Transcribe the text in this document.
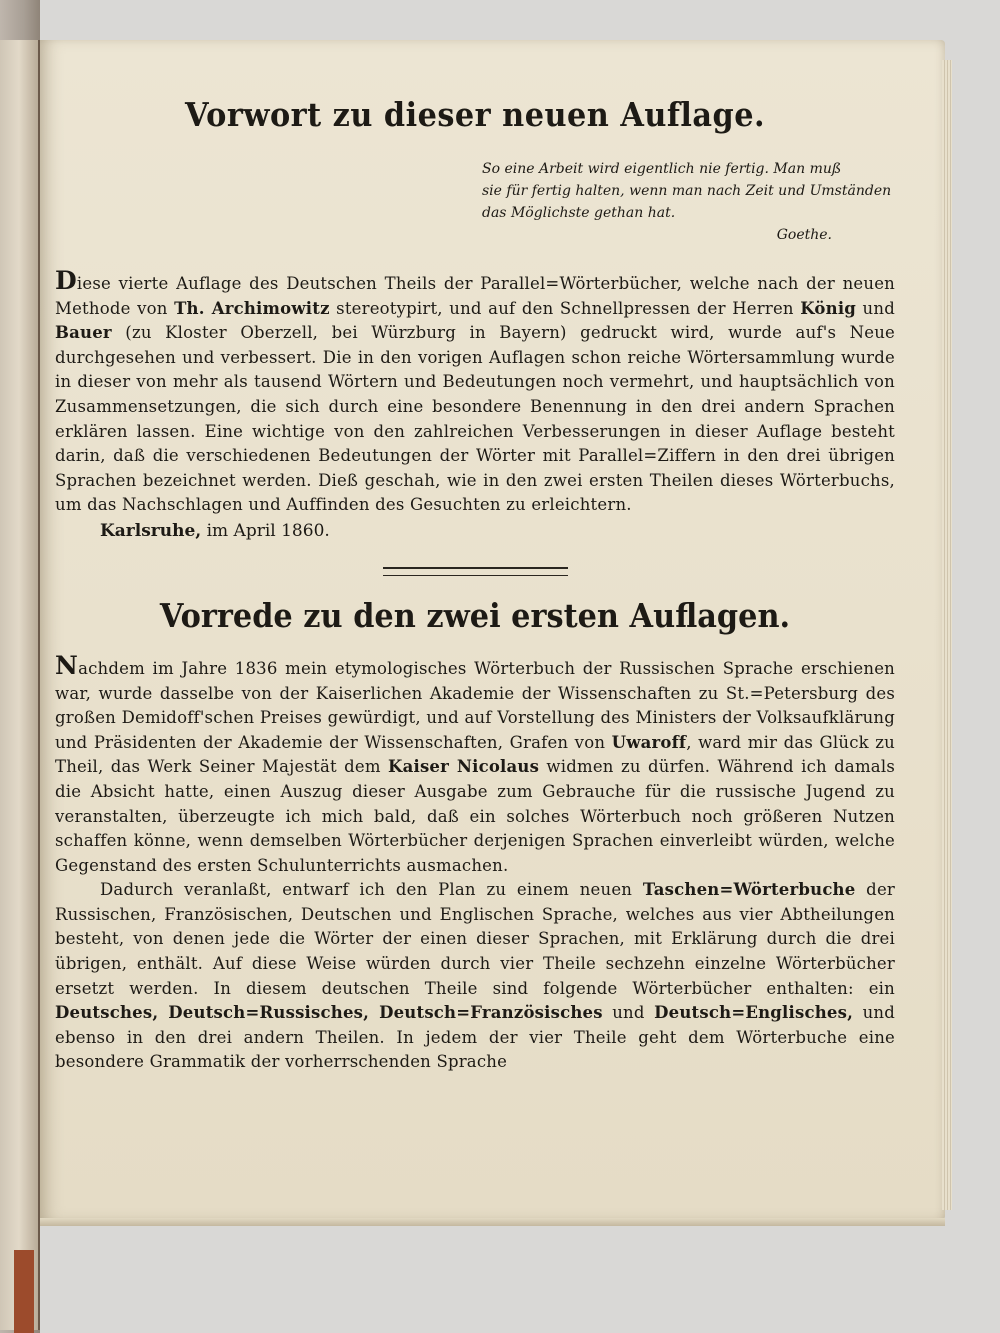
Vorwort zu dieser neuen Auflage.
So eine Arbeit wird eigentlich nie fertig. Man muß
sie für fertig halten, wenn man nach Zeit und Umständen
das Möglichste gethan hat.
Goethe.

Diese vierte Auflage des Deutschen Theils der Parallel=Wörterbücher, welche nach der neuen Methode von Th. Archimowitz stereotypirt, und auf den Schnellpressen der Herren König und Bauer (zu Kloster Oberzell, bei Würzburg in Bayern) gedruckt wird, wurde auf's Neue durchgesehen und verbessert. Die in den vorigen Auflagen schon reiche Wörtersammlung wurde in dieser von mehr als tausend Wörtern und Bedeutungen noch vermehrt, und hauptsächlich von Zusammensetzungen, die sich durch eine besondere Benennung in den drei andern Sprachen erklären lassen. Eine wichtige von den zahlreichen Verbesserungen in dieser Auflage besteht darin, daß die verschiedenen Bedeutungen der Wörter mit Parallel=Ziffern in den drei übrigen Sprachen bezeichnet werden. Dieß geschah, wie in den zwei ersten Theilen dieses Wörterbuchs, um das Nachschlagen und Auffinden des Gesuchten zu erleichtern.

Karlsruhe, im April 1860.
Vorrede zu den zwei ersten Auflagen.

Nachdem im Jahre 1836 mein etymologisches Wörterbuch der Russischen Sprache erschienen war, wurde dasselbe von der Kaiserlichen Akademie der Wissenschaften zu St.=Petersburg des großen Demidoff'schen Preises gewürdigt, und auf Vorstellung des Ministers der Volksaufklärung und Präsidenten der Akademie der Wissenschaften, Grafen von Uwaroff, ward mir das Glück zu Theil, das Werk Seiner Majestät dem Kaiser Nicolaus widmen zu dürfen. Während ich damals die Absicht hatte, einen Auszug dieser Ausgabe zum Gebrauche für die russische Jugend zu veranstalten, überzeugte ich mich bald, daß ein solches Wörterbuch noch größeren Nutzen schaffen könne, wenn demselben Wörterbücher derjenigen Sprachen einverleibt würden, welche Gegenstand des ersten Schulunterrichts ausmachen.

Dadurch veranlaßt, entwarf ich den Plan zu einem neuen Taschen=Wörterbuche der Russischen, Französischen, Deutschen und Englischen Sprache, welches aus vier Abtheilungen besteht, von denen jede die Wörter der einen dieser Sprachen, mit Erklärung durch die drei übrigen, enthält. Auf diese Weise würden durch vier Theile sechzehn einzelne Wörterbücher ersetzt werden. In diesem deutschen Theile sind folgende Wörterbücher enthalten: ein Deutsches, Deutsch=Russisches, Deutsch=Französisches und Deutsch=Englisches, und ebenso in den drei andern Theilen. In jedem der vier Theile geht dem Wörterbuche eine besondere Grammatik der vorherrschenden Sprache
